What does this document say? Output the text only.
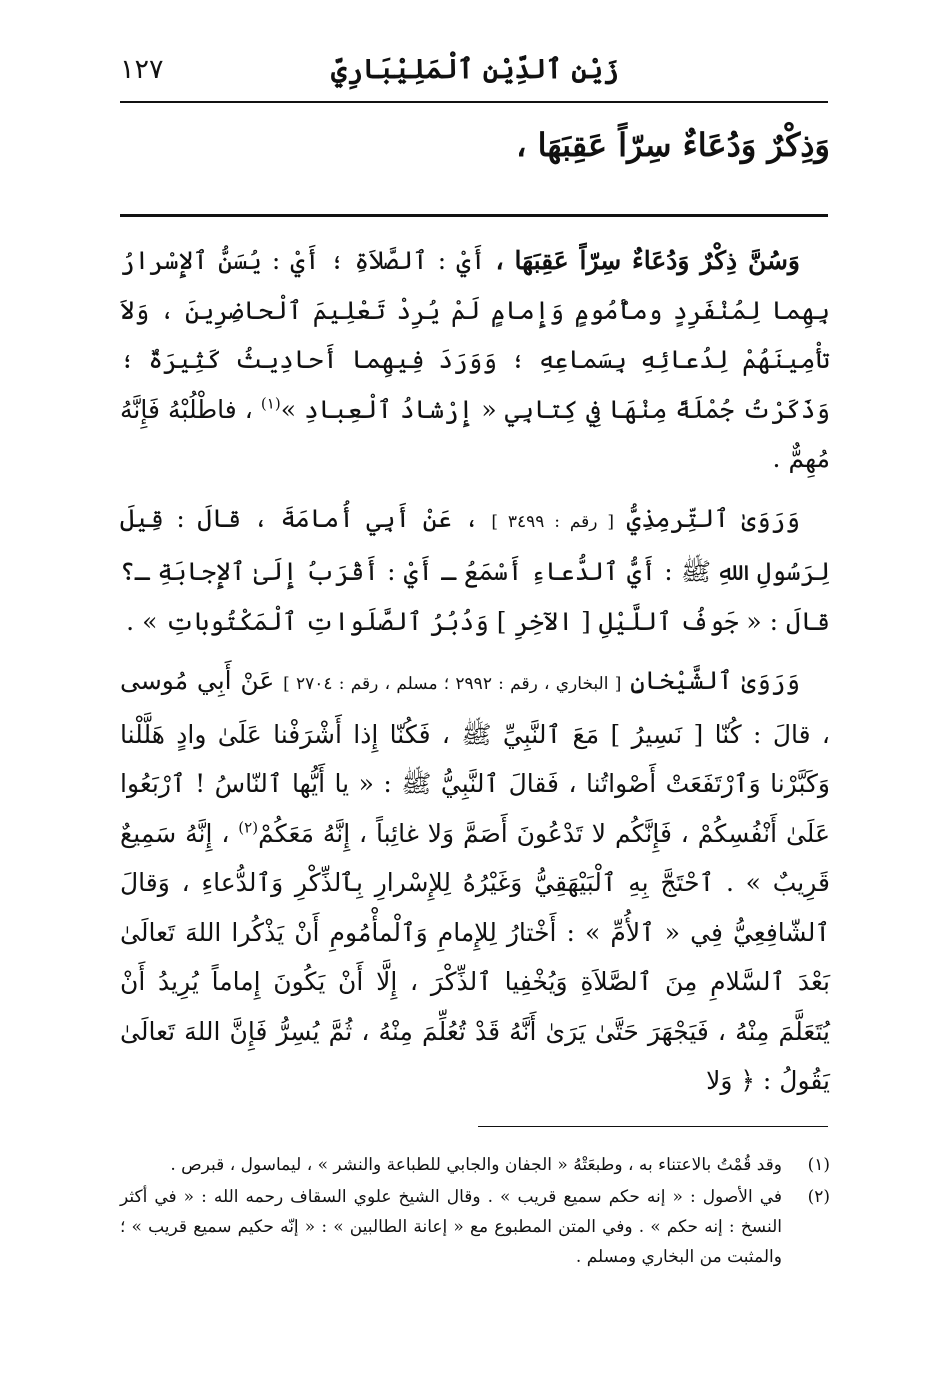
زَيْن ٱلدِّيْن ٱلْمَلِيْبَارِيّ
١٢٧
وَذِكْرٌ وَدُعَاءٌ سِرّاً عَقِبَهَا ،

وَسُنَّ ذِكْرٌ وَدُعَاءٌ سِرّاً عَقِبَهَا ، أَيْ : ٱلصَّلاَةِ ؛ أَيْ : يُسَنُّ ٱلإِسْرارُ بِهِما لِمُنْفَرِدٍ ومأْمُومٍ وَإِمامٍ لَمْ يُرِدْ تَعْلِيمَ ٱلْحاضِرِينَ ، وَلاَ تأْمِينَهُمْ لِدُعائِهِ بِسَماعِهِ ؛ وَوَرَدَ فِيهِما أَحادِيثُ كَثِيرَةٌ ؛ وَذَكَرْتُ جُمْلَةً مِنْهَا فِي كِتابِي « إِرْشادُ ٱلْعِبادِ »$^{(١)}$ ، فاطْلُبْهُ فَإِنَّهُ مُهِمٌّ .

وَرَوَىٰ ٱلتِّرمِذِيُّ [ رقم : ٣٤٩٩ ] ، عَنْ أَبِي أُمامَةَ ، قالَ : قِيلَ لِرَسُولِ اللهِ ﷺ : أَيُّ ٱلدُّعاءِ أَسْمَعُ ـ أَيْ : أَقْرَبُ إِلَىٰ ٱلإِجابَةِ ـ؟ قالَ : « جَوفُ ٱللَّيْلِ [ الآخِرِ ] وَدُبُرُ ٱلصَّلَواتِ ٱلْمَكْتُوباتِ » .

وَرَوَىٰ ٱلشَّيْخانِ [ البخاري ، رقم : ٢٩٩٢ ؛ مسلم ، رقم : ٢٧٠٤ ] عَنْ أَبِي مُوسى ، قالَ : كُنّا [ نَسِيرُ ] مَعَ ٱلنَّبِيِّ ﷺ ، فَكُنّا إِذا أَشْرَفْنا عَلَىٰ وادٍ هَلَّلْنا وَكَبَّرْنا وَٱرْتَفَعَتْ أَصْواتُنا ، فَقالَ ٱلنَّبِيُّ ﷺ : « يا أَيُّها ٱلنّاسُ ! ٱرْبَعُوا عَلَىٰ أَنْفُسِكُمْ ، فَإِنَّكُم لا تَدْعُونَ أَصَمَّ وَلا غائِباً ، إِنَّهُ مَعَكُمْ$^{(٢)}$ ، إِنَّهُ سَمِيعٌ قَرِيبٌ » . ٱحْتَجَّ بِهِ ٱلْبَيْهَقِيُّ وَغَيْرُهُ لِلإِسْرارِ بِٱلذِّكْرِ وَٱلدُّعاءِ ، وَقالَ ٱلشّافِعِيُّ فِي « ٱلأُمِّ » : أَخْتارُ لِلإِمامِ وَٱلْمأْمُومِ أَنْ يَذْكُرا اللهَ تَعالَىٰ بَعْدَ ٱلسَّلامِ مِنَ ٱلصَّلاَةِ وَيُخْفِيا ٱلذِّكْرَ ، إِلَّا أَنْ يَكُونَ إِماماً يُرِيدُ أَنْ يُتَعَلَّمَ مِنْهُ ، فَيَجْهَرَ حَتَّىٰ يَرَىٰ أَنَّهُ قَدْ تُعُلِّمَ مِنْهُ ، ثُمَّ يُسِرُّ فَإِنَّ اللهَ تَعالَىٰ يَقُولُ : ﴿ وَلا

(١)
وقد قُمْتُ بالاعتناء به ، وطبعَتْهُ « الجفان والجابي للطباعة والنشر » ، ليماسول ، قبرص .
(٢)
في الأصول : « إنه حكم سميع قريب » . وقال الشيخ علوي السقاف رحمه الله : « في أكثر النسخ : إنه حكم » . وفي المتن المطبوع مع « إعانة الطالبين » : « إنّه حكيم سميع قريب » ؛ والمثبت من البخاري ومسلم .
